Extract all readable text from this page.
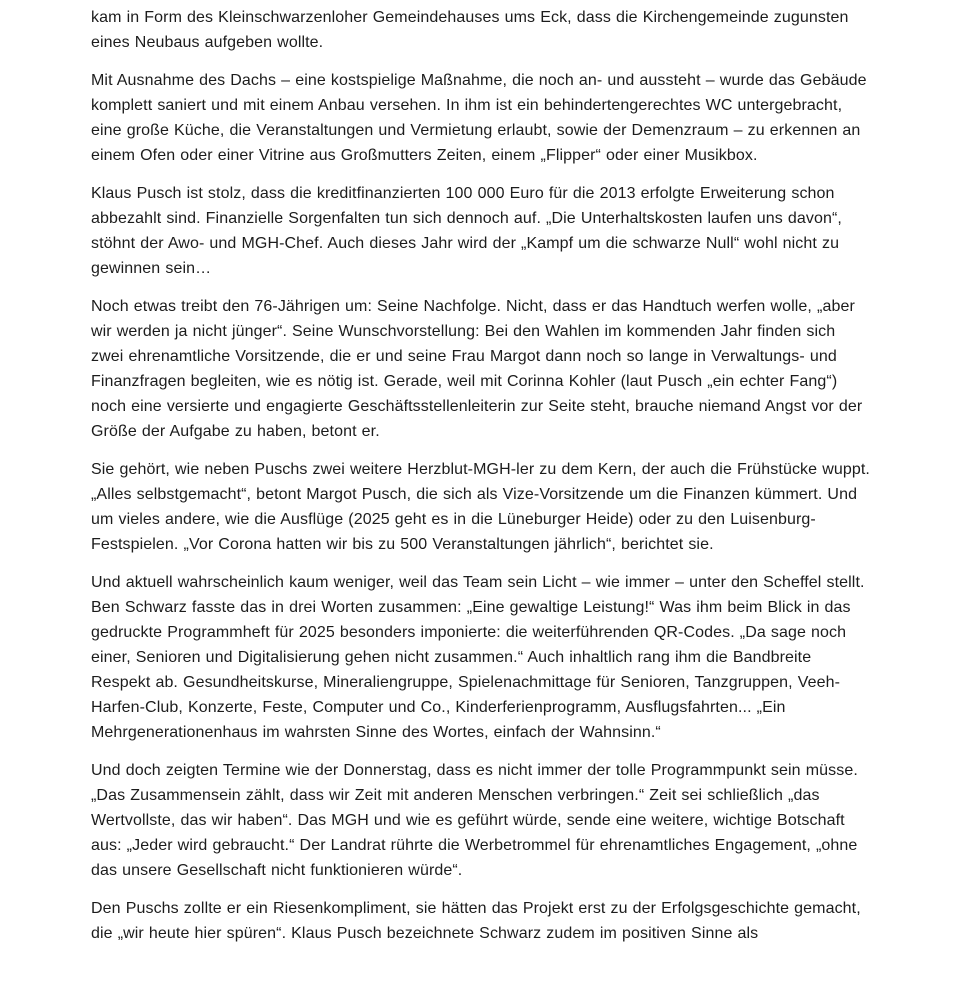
kam in Form des Kleinschwarzenloher Gemeindehauses ums Eck, dass die Kirchengemeinde zugunsten eines Neubaus aufgeben wollte.

Mit Ausnahme des Dachs – eine kostspielige Maßnahme, die noch an- und aussteht – wurde das Gebäude komplett saniert und mit einem Anbau versehen. In ihm ist ein behindertengerechtes WC untergebracht, eine große Küche, die Veranstaltungen und Vermietung erlaubt, sowie der Demenzraum – zu erkennen an einem Ofen oder einer Vitrine aus Großmutters Zeiten, einem „Flipper“ oder einer Musikbox.

Klaus Pusch ist stolz, dass die kreditfinanzierten 100 000 Euro für die 2013 erfolgte Erweiterung schon abbezahlt sind. Finanzielle Sorgenfalten tun sich dennoch auf. „Die Unterhaltskosten laufen uns davon“, stöhnt der Awo- und MGH-Chef. Auch dieses Jahr wird der „Kampf um die schwarze Null“ wohl nicht zu gewinnen sein…

Noch etwas treibt den 76-Jährigen um: Seine Nachfolge. Nicht, dass er das Handtuch werfen wolle, „aber wir werden ja nicht jünger“. Seine Wunschvorstellung: Bei den Wahlen im kommenden Jahr finden sich zwei ehrenamtliche Vorsitzende, die er und seine Frau Margot dann noch so lange in Verwaltungs- und Finanzfragen begleiten, wie es nötig ist. Gerade, weil mit Corinna Kohler (laut Pusch „ein echter Fang“) noch eine versierte und engagierte Geschäftsstellenleiterin zur Seite steht, brauche niemand Angst vor der Größe der Aufgabe zu haben, betont er.

Sie gehört, wie neben Puschs zwei weitere Herzblut-MGH-ler zu dem Kern, der auch die Frühstücke wuppt. „Alles selbstgemacht“, betont Margot Pusch, die sich als Vize-Vorsitzende um die Finanzen kümmert. Und um vieles andere, wie die Ausflüge (2025 geht es in die Lüneburger Heide) oder zu den Luisenburg-Festspielen. „Vor Corona hatten wir bis zu 500 Veranstaltungen jährlich“, berichtet sie.

Und aktuell wahrscheinlich kaum weniger, weil das Team sein Licht – wie immer – unter den Scheffel stellt. Ben Schwarz fasste das in drei Worten zusammen: „Eine gewaltige Leistung!“ Was ihm beim Blick in das gedruckte Programmheft für 2025 besonders imponierte: die weiterführenden QR-Codes. „Da sage noch einer, Senioren und Digitalisierung gehen nicht zusammen.“ Auch inhaltlich rang ihm die Bandbreite Respekt ab. Gesundheitskurse, Mineraliengruppe, Spielenachmittage für Senioren, Tanzgruppen, Veeh-Harfen-Club, Konzerte, Feste, Computer und Co., Kinderferienprogramm, Ausflugsfahrten... „Ein Mehrgenerationenhaus im wahrsten Sinne des Wortes, einfach der Wahnsinn.“

Und doch zeigten Termine wie der Donnerstag, dass es nicht immer der tolle Programmpunkt sein müsse. „Das Zusammensein zählt, dass wir Zeit mit anderen Menschen verbringen.“ Zeit sei schließlich „das Wertvollste, das wir haben“. Das MGH und wie es geführt würde, sende eine weitere, wichtige Botschaft aus: „Jeder wird gebraucht.“ Der Landrat rührte die Werbetrommel für ehrenamtliches Engagement, „ohne das unsere Gesellschaft nicht funktionieren würde“.

Den Puschs zollte er ein Riesenkompliment, sie hätten das Projekt erst zu der Erfolgsgeschichte gemacht, die „wir heute hier spüren“. Klaus Pusch bezeichnete Schwarz zudem im positiven Sinne als
